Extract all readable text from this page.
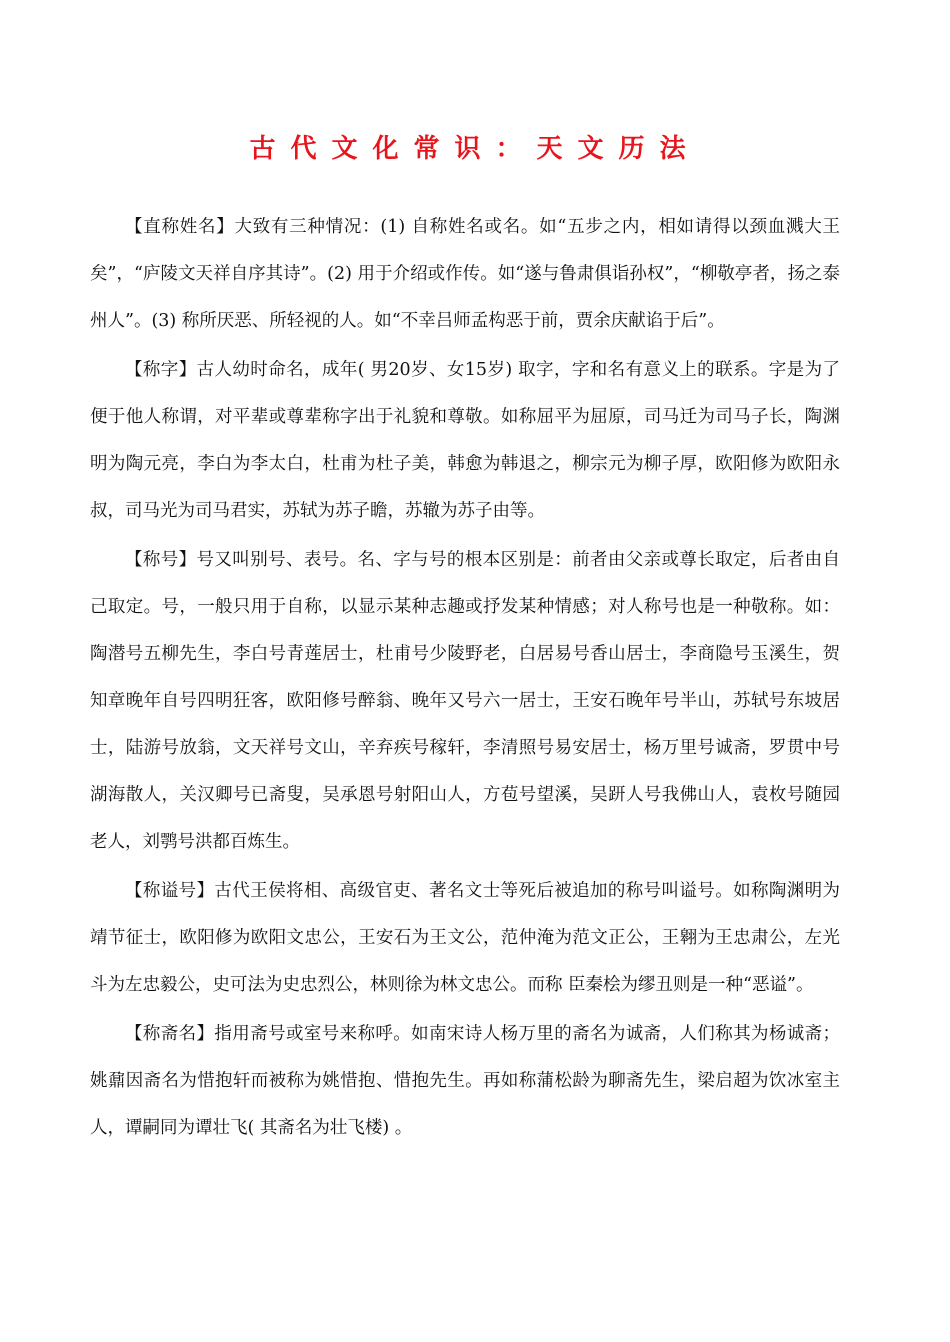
古代文化常识：天文历法

【直称姓名】大致有三种情况：(1) 自称姓名或名。如“五步之内，相如请得以颈血溅大王矣”，“庐陵文天祥自序其诗”。(2) 用于介绍或作传。如“遂与鲁肃俱诣孙权”，“柳敬亭者，扬之泰州人”。(3) 称所厌恶、所轻视的人。如“不幸吕师孟构恶于前，贾余庆献谄于后”。

【称字】古人幼时命名，成年( 男20岁、女15岁) 取字，字和名有意义上的联系。字是为了便于他人称谓，对平辈或尊辈称字出于礼貌和尊敬。如称屈平为屈原，司马迁为司马子长，陶渊明为陶元亮，李白为李太白，杜甫为杜子美，韩愈为韩退之，柳宗元为柳子厚，欧阳修为欧阳永叔，司马光为司马君实，苏轼为苏子瞻，苏辙为苏子由等。

【称号】号又叫别号、表号。名、字与号的根本区别是：前者由父亲或尊长取定，后者由自己取定。号，一般只用于自称，以显示某种志趣或抒发某种情感；对人称号也是一种敬称。如：陶潜号五柳先生，李白号青莲居士，杜甫号少陵野老，白居易号香山居士，李商隐号玉溪生，贺知章晚年自号四明狂客，欧阳修号醉翁、晚年又号六一居士，王安石晚年号半山，苏轼号东坡居士，陆游号放翁，文天祥号文山，辛弃疾号稼轩，李清照号易安居士，杨万里号诚斋，罗贯中号湖海散人，关汉卿号已斋叟，吴承恩号射阳山人，方苞号望溪，吴趼人号我佛山人，袁枚号随园老人，刘鹗号洪都百炼生。

【称谥号】古代王侯将相、高级官吏、著名文士等死后被追加的称号叫谥号。如称陶渊明为靖节征士，欧阳修为欧阳文忠公，王安石为王文公，范仲淹为范文正公，王翱为王忠肃公，左光斗为左忠毅公，史可法为史忠烈公，林则徐为林文忠公。而称 臣秦桧为缪丑则是一种“恶谥”。

【称斋名】指用斋号或室号来称呼。如南宋诗人杨万里的斋名为诚斋，人们称其为杨诚斋；姚鼐因斋名为惜抱轩而被称为姚惜抱、惜抱先生。再如称蒲松龄为聊斋先生，梁启超为饮冰室主人，谭嗣同为谭壮飞( 其斋名为壮飞楼) 。
